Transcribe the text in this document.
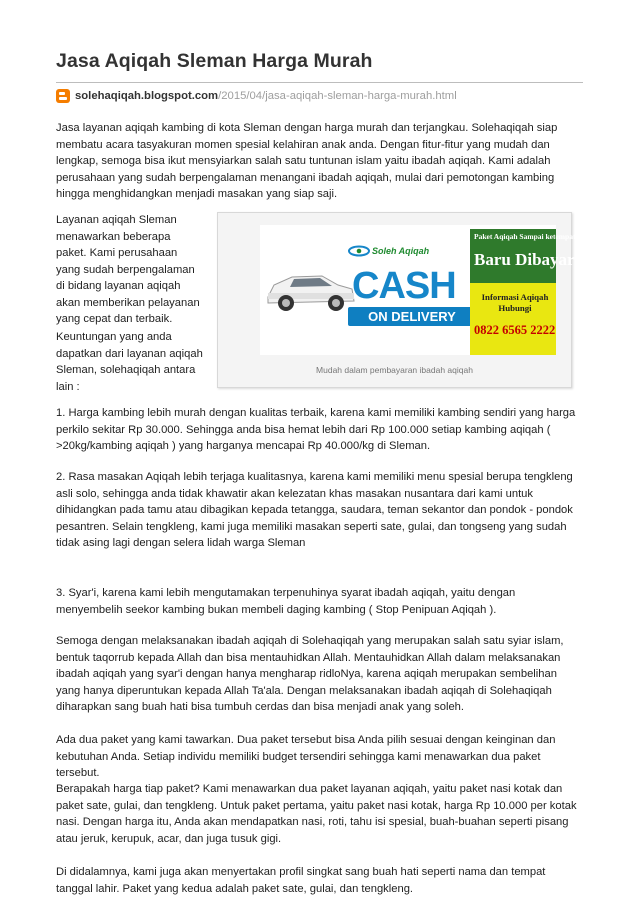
Jasa Aqiqah Sleman Harga Murah
solehaqiqah.blogspot.com /2015/04/jasa-aqiqah-sleman-harga-murah.html

Jasa layanan aqiqah kambing di kota Sleman dengan harga murah dan terjangkau. Solehaqiqah siap membatu acara tasyakuran momen spesial kelahiran anak anda. Dengan fitur-fitur yang mudah dan lengkap, semoga bisa ikut mensyiarkan salah satu tuntunan islam yaitu ibadah aqiqah. Kami adalah perusahaan yang sudah berpengalaman menangani ibadah aqiqah, mulai dari pemotongan kambing hingga menghidangkan menjadi masakan yang siap saji.

Layanan aqiqah Sleman menawarkan beberapa paket. Kami perusahaan yang sudah berpengalaman di bidang layanan aqiqah akan memberikan pelayanan yang cepat dan terbaik.

Keuntungan yang anda dapatkan dari layanan aqiqah Sleman, solehaqiqah antara lain :

Soleh Aqiqah
CASH
ON DELIVERY
Paket Aqiqah Sampai ketempat Anda
Baru Dibayar
Informasi Aqiqah Hubungi
0822 6565 2222
Mudah dalam pembayaran ibadah aqiqah

1. Harga kambing lebih murah dengan kualitas terbaik, karena kami memiliki kambing sendiri yang harga perkilo sekitar Rp 30.000. Sehingga anda bisa hemat lebih dari Rp 100.000 setiap kambing aqiqah ( >20kg/kambing aqiqah ) yang harganya mencapai Rp 40.000/kg di Sleman.

2. Rasa masakan Aqiqah lebih terjaga kualitasnya, karena kami memiliki menu spesial berupa tengkleng asli solo, sehingga anda tidak khawatir akan kelezatan khas masakan nusantara dari kami untuk dihidangkan pada tamu atau dibagikan kepada tetangga, saudara, teman sekantor dan pondok - pondok pesantren. Selain tengkleng, kami juga memiliki masakan seperti sate, gulai, dan tongseng yang sudah tidak asing lagi dengan selera lidah warga Sleman

3. Syar'i, karena kami lebih mengutamakan terpenuhinya syarat ibadah aqiqah, yaitu dengan menyembelih seekor kambing bukan membeli daging kambing ( Stop Penipuan Aqiqah ).

Semoga dengan melaksanakan ibadah aqiqah di Solehaqiqah yang merupakan salah satu syiar islam, bentuk taqorrub kepada Allah dan bisa mentauhidkan Allah. Mentauhidkan Allah dalam melaksanakan ibadah aqiqah yang syar'i dengan hanya mengharap ridloNya, karena aqiqah merupakan sembelihan yang hanya diperuntukan kepada Allah Ta'ala. Dengan melaksanakan ibadah aqiqah di Solehaqiqah diharapkan sang buah hati bisa tumbuh cerdas dan bisa menjadi anak yang soleh.

Ada dua paket yang kami tawarkan. Dua paket tersebut bisa Anda pilih sesuai dengan keinginan dan kebutuhan Anda. Setiap individu memiliki budget tersendiri sehingga kami menawarkan dua paket tersebut.

Berapakah harga tiap paket? Kami menawarkan dua paket layanan aqiqah, yaitu paket nasi kotak dan paket sate, gulai, dan tengkleng. Untuk paket pertama, yaitu paket nasi kotak, harga Rp 10.000 per kotak nasi. Dengan harga itu, Anda akan mendapatkan nasi, roti, tahu isi spesial, buah-buahan seperti pisang atau jeruk, kerupuk, acar, dan juga tusuk gigi.

Di didalamnya, kami juga akan menyertakan profil singkat sang buah hati seperti nama dan tempat tanggal lahir. Paket yang kedua adalah paket sate, gulai, dan tengkleng.
